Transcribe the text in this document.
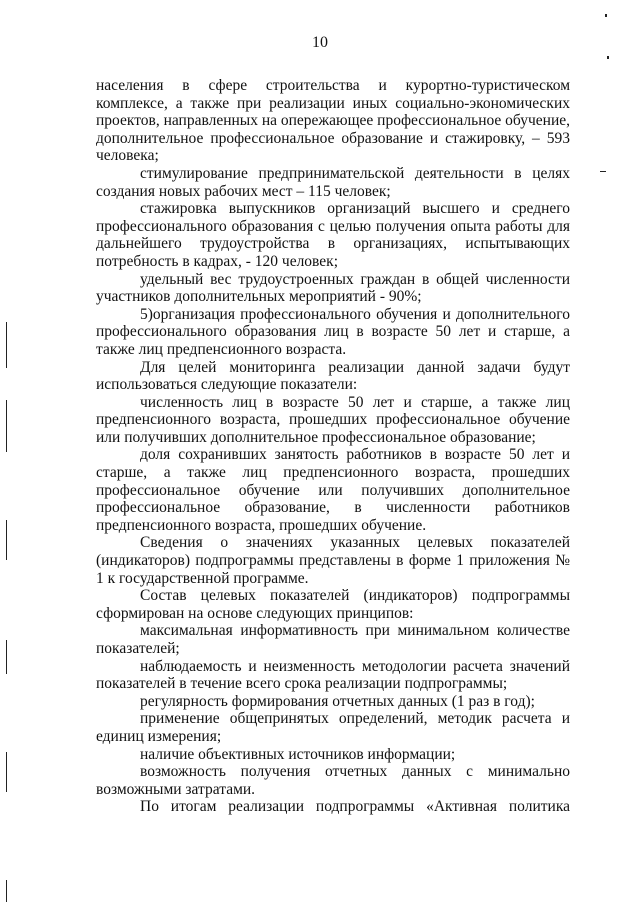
10

населения в сфере строительства и курортно-туристическом комплексе, а также при реализации иных социально-экономических проектов, направленных на опережающее профессиональное обучение, дополнительное профессиональное образование и стажировку, – 593 человека;

стимулирование предпринимательской деятельности в целях создания новых рабочих мест – 115 человек;

стажировка выпускников организаций высшего и среднего профессионального образования с целью получения опыта работы для дальнейшего трудоустройства в организациях, испытывающих потребность в кадрах, - 120 человек;

удельный вес трудоустроенных граждан в общей численности участников дополнительных мероприятий - 90%;

5)организация профессионального обучения и дополнительного профессионального образования лиц в возрасте 50 лет и старше, а также лиц предпенсионного возраста.

Для целей мониторинга реализации данной задачи будут использоваться следующие показатели:

численность лиц в возрасте 50 лет и старше, а также лиц предпенсионного возраста, прошедших профессиональное обучение или получивших дополнительное профессиональное образование;

доля сохранивших занятость работников в возрасте 50 лет и старше, а также лиц предпенсионного возраста, прошедших профессиональное обучение или получивших дополнительное профессиональное образование, в численности работников предпенсионного возраста, прошедших обучение.

Сведения о значениях указанных целевых показателей (индикаторов) подпрограммы представлены в форме 1 приложения № 1 к государственной программе.

Состав целевых показателей (индикаторов) подпрограммы сформирован на основе следующих принципов:

максимальная информативность при минимальном количестве показателей;

наблюдаемость и неизменность методологии расчета значений показателей в течение всего срока реализации подпрограммы;

регулярность формирования отчетных данных (1 раз в год);

применение общепринятых определений, методик расчета и единиц измерения;

наличие объективных источников информации;

возможность получения отчетных данных с минимально возможными затратами.

По итогам реализации подпрограммы «Активная политика
